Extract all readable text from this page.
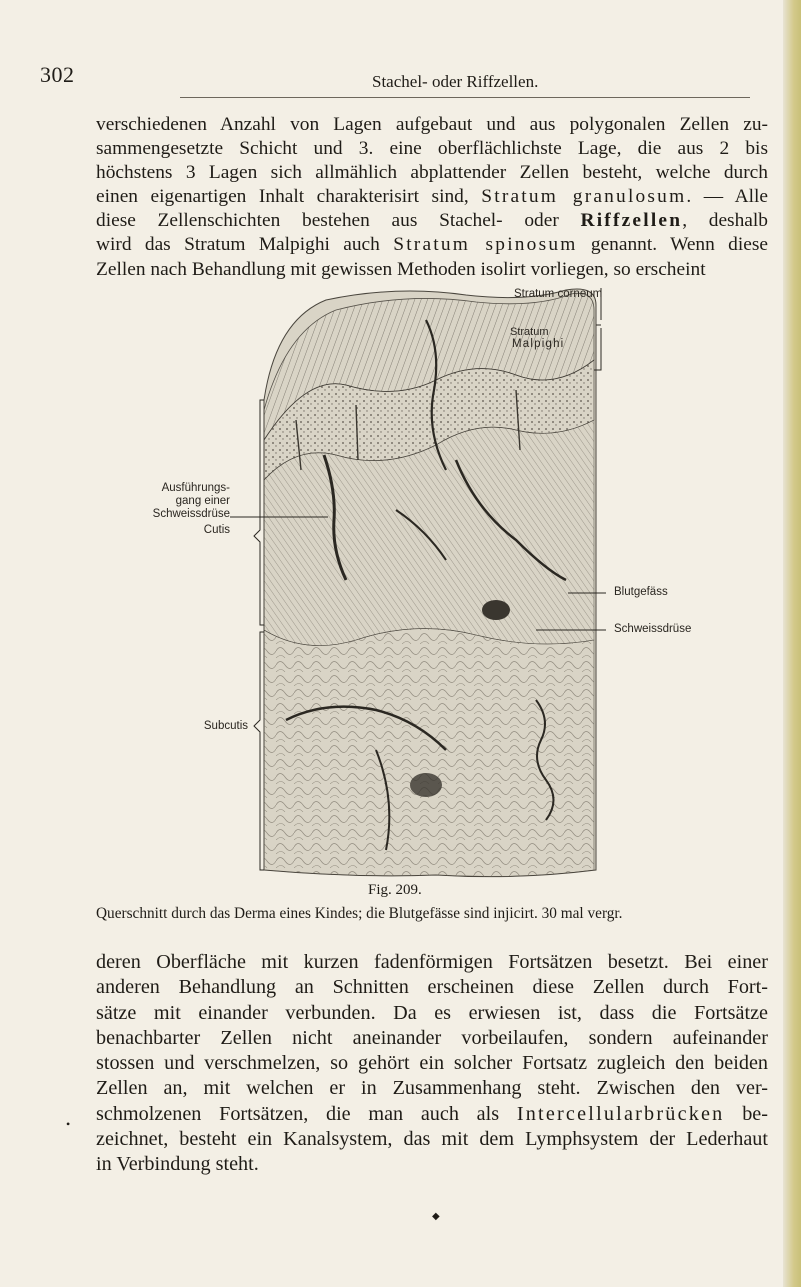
302	Stachel- oder Riffzellen.
verschiedenen Anzahl von Lagen aufgebaut und aus polygonalen Zellen zu-
sammengesetzte Schicht und 3. eine oberflächlichste Lage, die aus 2 bis
höchstens 3 Lagen sich allmählich abplattender Zellen besteht, welche durch
einen eigenartigen Inhalt charakterisirt sind, Stratum granulosum. — Alle
diese Zellenschichten bestehen aus Stachel- oder Riffzellen, deshalb
wird das Stratum Malpighi auch Stratum spinosum genannt. Wenn diese
Zellen nach Behandlung mit gewissen Methoden isolirt vorliegen, so erscheint
Stratum corneum
Stratum
Malpighi
Ausführungs-
gang einer
Schweissdrüse
Cutis
Blutgefäss
Schweissdrüse
Subcutis
Fig. 209.
Querschnitt durch das Derma eines Kindes; die Blutgefässe sind injicirt. 30 mal vergr.
deren Oberfläche mit kurzen fadenförmigen Fortsätzen besetzt. Bei einer
anderen Behandlung an Schnitten erscheinen diese Zellen durch Fort-
sätze mit einander verbunden. Da es erwiesen ist, dass die Fortsätze
benachbarter Zellen nicht aneinander vorbeilaufen, sondern aufeinander
stossen und verschmelzen, so gehört ein solcher Fortsatz zugleich den beiden
Zellen an, mit welchen er in Zusammenhang steht. Zwischen den ver-
schmolzenen Fortsätzen, die man auch als Intercellularbrücken be-
zeichnet, besteht ein Kanalsystem, das mit dem Lymphsystem der Lederhaut
in Verbindung steht.
•
◆
